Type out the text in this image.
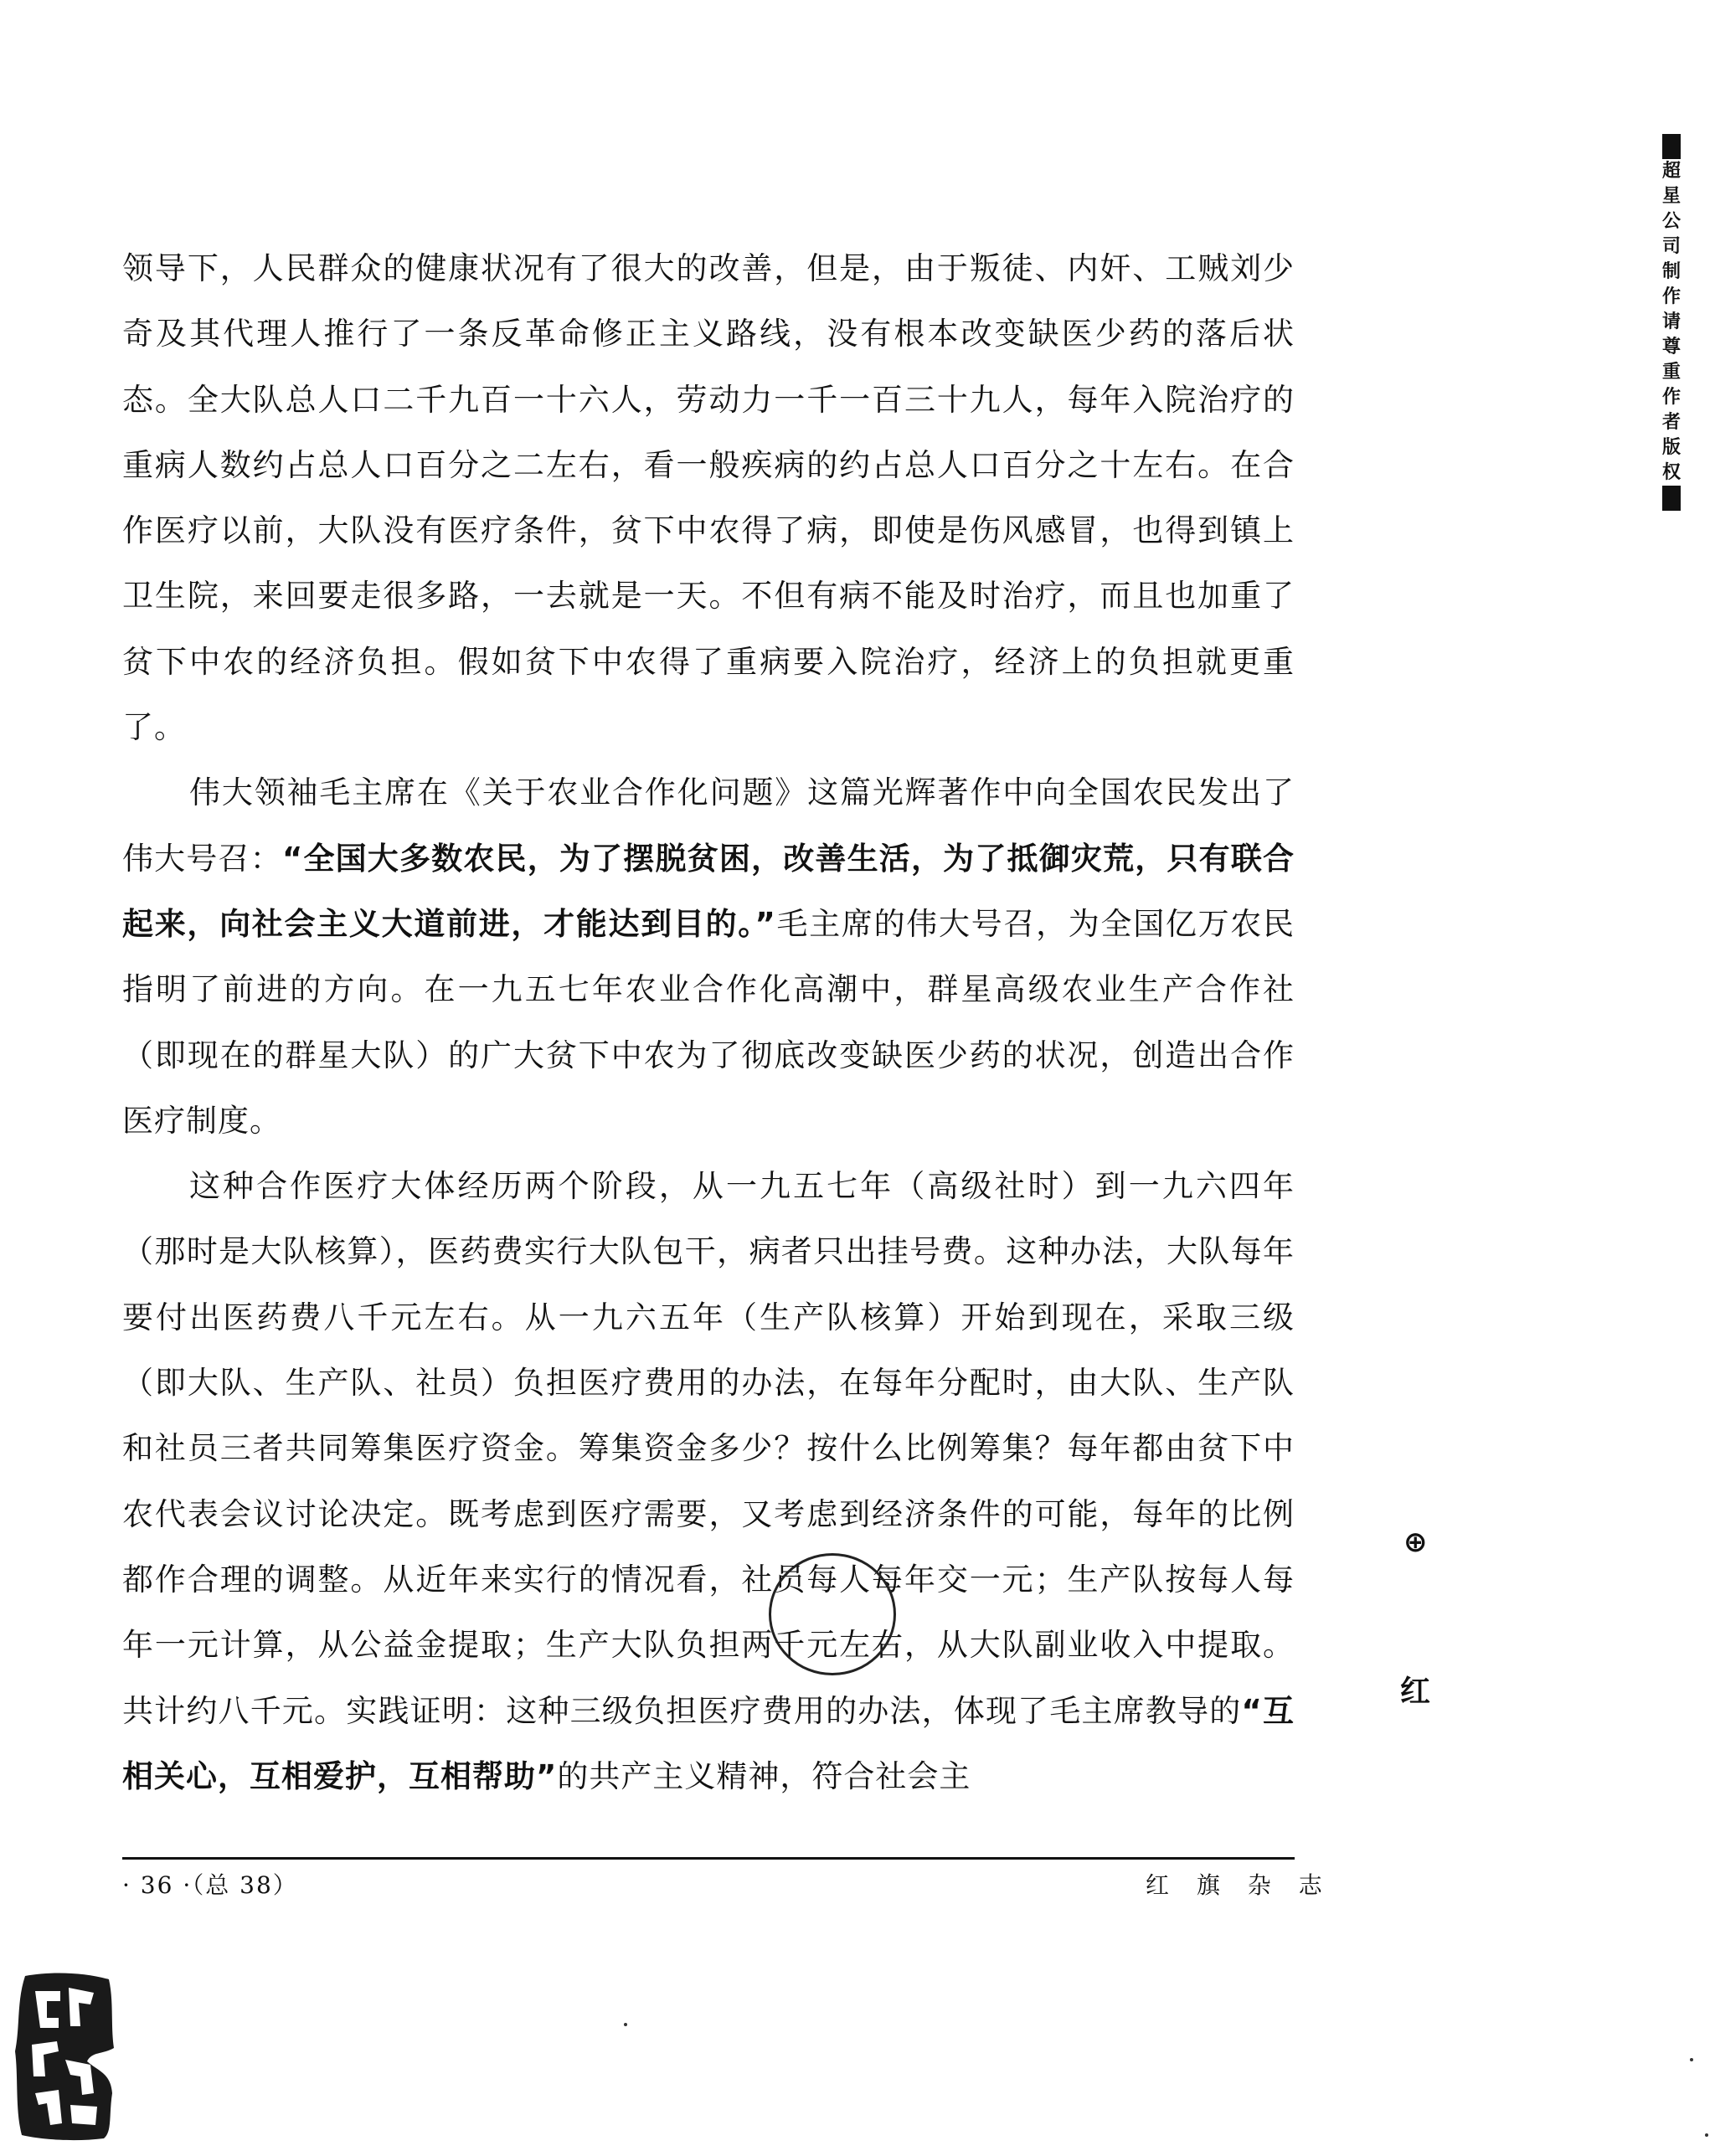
领导下，人民群众的健康状况有了很大的改善，但是，由于叛徒、内奸、工贼刘少奇及其代理人推行了一条反革命修正主义路线，没有根本改变缺医少药的落后状态。全大队总人口二千九百一十六人，劳动力一千一百三十九人，每年入院治疗的重病人数约占总人口百分之二左右，看一般疾病的约占总人口百分之十左右。在合作医疗以前，大队没有医疗条件，贫下中农得了病，即使是伤风感冒，也得到镇上卫生院，来回要走很多路，一去就是一天。不但有病不能及时治疗，而且也加重了贫下中农的经济负担。假如贫下中农得了重病要入院治疗，经济上的负担就更重了。

伟大领袖毛主席在《关于农业合作化问题》这篇光辉著作中向全国农民发出了伟大号召：“全国大多数农民，为了摆脱贫困，改善生活，为了抵御灾荒，只有联合起来，向社会主义大道前进，才能达到目的。”毛主席的伟大号召，为全国亿万农民指明了前进的方向。在一九五七年农业合作化高潮中，群星高级农业生产合作社（即现在的群星大队）的广大贫下中农为了彻底改变缺医少药的状况，创造出合作医疗制度。

这种合作医疗大体经历两个阶段，从一九五七年（高级社时）到一九六四年（那时是大队核算），医药费实行大队包干，病者只出挂号费。这种办法，大队每年要付出医药费八千元左右。从一九六五年（生产队核算）开始到现在，采取三级（即大队、生产队、社员）负担医疗费用的办法，在每年分配时，由大队、生产队和社员三者共同筹集医疗资金。筹集资金多少？按什么比例筹集？每年都由贫下中农代表会议讨论决定。既考虑到医疗需要，又考虑到经济条件的可能，每年的比例都作合理的调整。从近年来实行的情况看，社员每人每年交一元；生产队按每人每年一元计算，从公益金提取；生产大队负担两千元左右，从大队副业收入中提取。共计约八千元。实践证明：这种三级负担医疗费用的办法，体现了毛主席教导的“互相关心，互相爱护，互相帮助”的共产主义精神，符合社会主

· 36 ·（总 38）	红 旗 杂 志
超
星
公
司
制
作
请
尊
重
作
者
版
权
⊕
红
